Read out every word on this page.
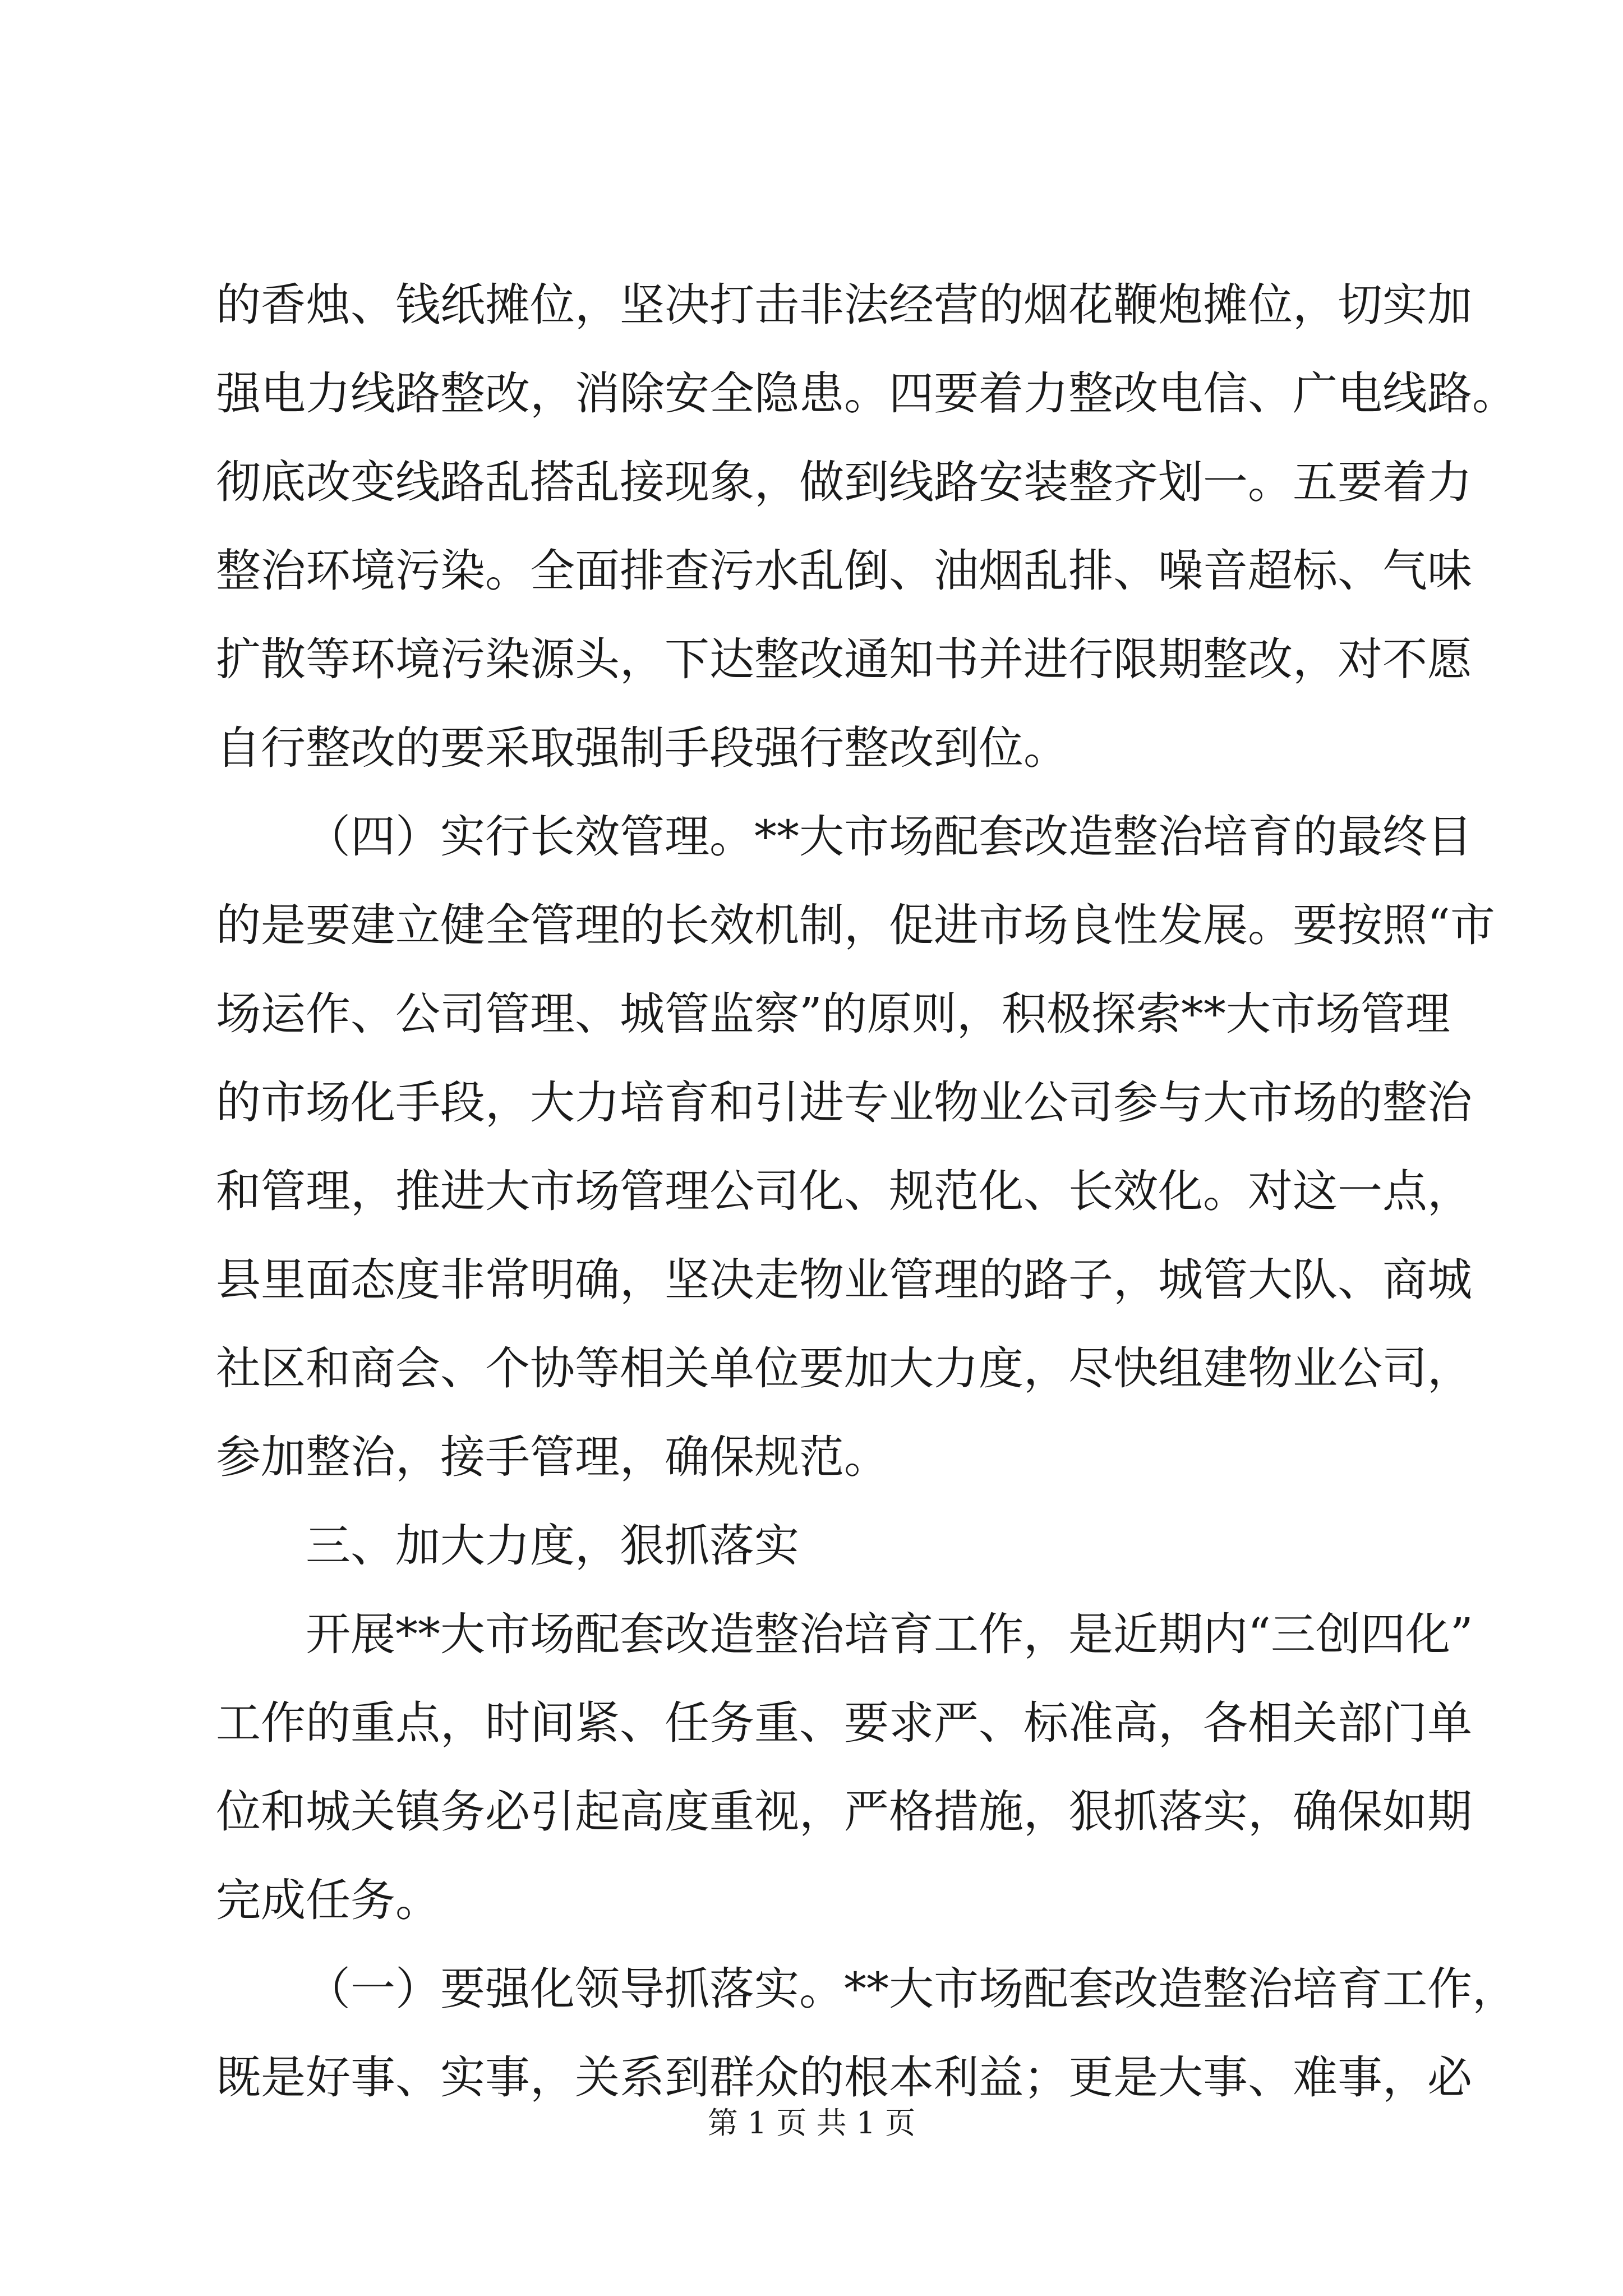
的香烛、钱纸摊位，坚决打击非法经营的烟花鞭炮摊位，切实加
强电力线路整改，消除安全隐患。四要着力整改电信、广电线路。
彻底改变线路乱搭乱接现象，做到线路安装整齐划一。五要着力
整治环境污染。全面排查污水乱倒、油烟乱排、噪音超标、气味
扩散等环境污染源头，下达整改通知书并进行限期整改，对不愿
自行整改的要采取强制手段强行整改到位。
（四）实行长效管理。**大市场配套改造整治培育的最终目
的是要建立健全管理的长效机制，促进市场良性发展。要按照“市
场运作、公司管理、城管监察”的原则，积极探索**大市场管理
的市场化手段，大力培育和引进专业物业公司参与大市场的整治
和管理，推进大市场管理公司化、规范化、长效化。对这一点，
县里面态度非常明确，坚决走物业管理的路子，城管大队、商城
社区和商会、个协等相关单位要加大力度，尽快组建物业公司，
参加整治，接手管理，确保规范。
三、加大力度，狠抓落实
开展**大市场配套改造整治培育工作，是近期内“三创四化”
工作的重点，时间紧、任务重、要求严、标准高，各相关部门单
位和城关镇务必引起高度重视，严格措施，狠抓落实，确保如期
完成任务。
（一）要强化领导抓落实。**大市场配套改造整治培育工作，
既是好事、实事，关系到群众的根本利益；更是大事、难事，必
第 1 页 共 1 页
